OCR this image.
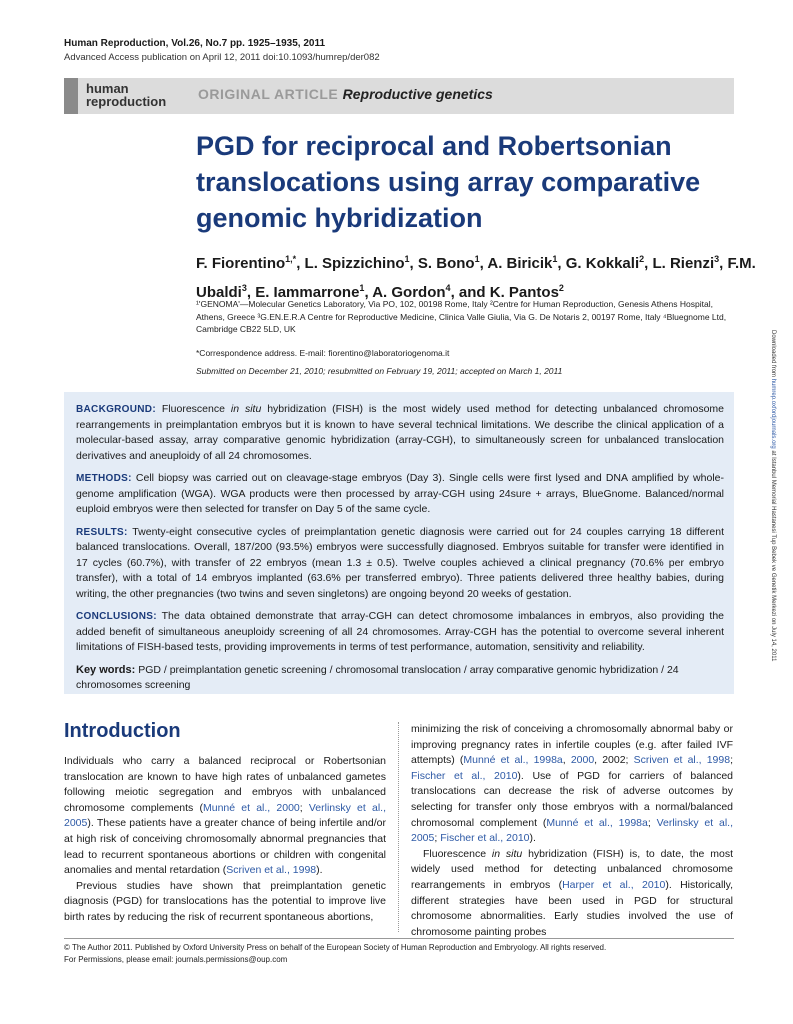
Human Reproduction, Vol.26, No.7 pp. 1925–1935, 2011
Advanced Access publication on April 12, 2011 doi:10.1093/humrep/der082
human
reproduction ORIGINAL ARTICLE Reproductive genetics
PGD for reciprocal and Robertsonian translocations using array comparative genomic hybridization
F. Fiorentino$^{1,*}$, L. Spizzichino$^1$, S. Bono$^1$, A. Biricik$^1$, G. Kokkali$^2$, L. Rienzi$^3$, F.M. Ubaldi$^3$, E. Iammarrone$^1$, A. Gordon$^4$, and K. Pantos$^2$
¹'GENOMA'—Molecular Genetics Laboratory, Via PO, 102, 00198 Rome, Italy ²Centre for Human Reproduction, Genesis Athens Hospital, Athens, Greece ³G.EN.E.R.A Centre for Reproductive Medicine, Clinica Valle Giulia, Via G. De Notaris 2, 00197 Rome, Italy ⁴Bluegnome Ltd, Cambridge CB22 5LD, UK
*Correspondence address. E-mail: fiorentino@laboratoriogenoma.it
Submitted on December 21, 2010; resubmitted on February 19, 2011; accepted on March 1, 2011

BACKGROUND: Fluorescence in situ hybridization (FISH) is the most widely used method for detecting unbalanced chromosome rearrangements in preimplantation embryos but it is known to have several technical limitations. We describe the clinical application of a molecular-based assay, array comparative genomic hybridization (array-CGH), to simultaneously screen for unbalanced translocation derivatives and aneuploidy of all 24 chromosomes.

METHODS: Cell biopsy was carried out on cleavage-stage embryos (Day 3). Single cells were first lysed and DNA amplified by whole-genome amplification (WGA). WGA products were then processed by array-CGH using 24sure + arrays, BlueGnome. Balanced/normal euploid embryos were then selected for transfer on Day 5 of the same cycle.

RESULTS: Twenty-eight consecutive cycles of preimplantation genetic diagnosis were carried out for 24 couples carrying 18 different balanced translocations. Overall, 187/200 (93.5%) embryos were successfully diagnosed. Embryos suitable for transfer were identified in 17 cycles (60.7%), with transfer of 22 embryos (mean 1.3 ± 0.5). Twelve couples achieved a clinical pregnancy (70.6% per embryo transfer), with a total of 14 embryos implanted (63.6% per transferred embryo). Three patients delivered three healthy babies, during writing, the other pregnancies (two twins and seven singletons) are ongoing beyond 20 weeks of gestation.

CONCLUSIONS: The data obtained demonstrate that array-CGH can detect chromosome imbalances in embryos, also providing the added benefit of simultaneous aneuploidy screening of all 24 chromosomes. Array-CGH has the potential to overcome several inherent limitations of FISH-based tests, providing improvements in terms of test performance, automation, sensitivity and reliability.

Key words: PGD / preimplantation genetic screening / chromosomal translocation / array comparative genomic hybridization / 24 chromosomes screening

Introduction

Individuals who carry a balanced reciprocal or Robertsonian translocation are known to have high rates of unbalanced gametes following meiotic segregation and embryos with unbalanced chromosome complements (Munné et al., 2000; Verlinsky et al., 2005). These patients have a greater chance of being infertile and/or at high risk of conceiving chromosomally abnormal pregnancies that lead to recurrent spontaneous abortions or children with congenital anomalies and mental retardation (Scriven et al., 1998).

Previous studies have shown that preimplantation genetic diagnosis (PGD) for translocations has the potential to improve live birth rates by reducing the risk of recurrent spontaneous abortions,

minimizing the risk of conceiving a chromosomally abnormal baby or improving pregnancy rates in infertile couples (e.g. after failed IVF attempts) (Munné et al., 1998a, 2000, 2002; Scriven et al., 1998; Fischer et al., 2010). Use of PGD for carriers of balanced translocations can decrease the risk of adverse outcomes by selecting for transfer only those embryos with a normal/balanced chromosomal complement (Munné et al., 1998a; Verlinsky et al., 2005; Fischer et al., 2010).

Fluorescence in situ hybridization (FISH) is, to date, the most widely used method for detecting unbalanced chromosome rearrangements in embryos (Harper et al., 2010). Historically, different strategies have been used in PGD for structural chromosome abnormalities. Early studies involved the use of chromosome painting probes

© The Author 2011. Published by Oxford University Press on behalf of the European Society of Human Reproduction and Embryology. All rights reserved.
For Permissions, please email: journals.permissions@oup.com
Downloaded from humrep.oxfordjournals.org at Istanbul Memorial Hastanesi Tup Bebek ve Genetik Merkezi on July 14, 2011
